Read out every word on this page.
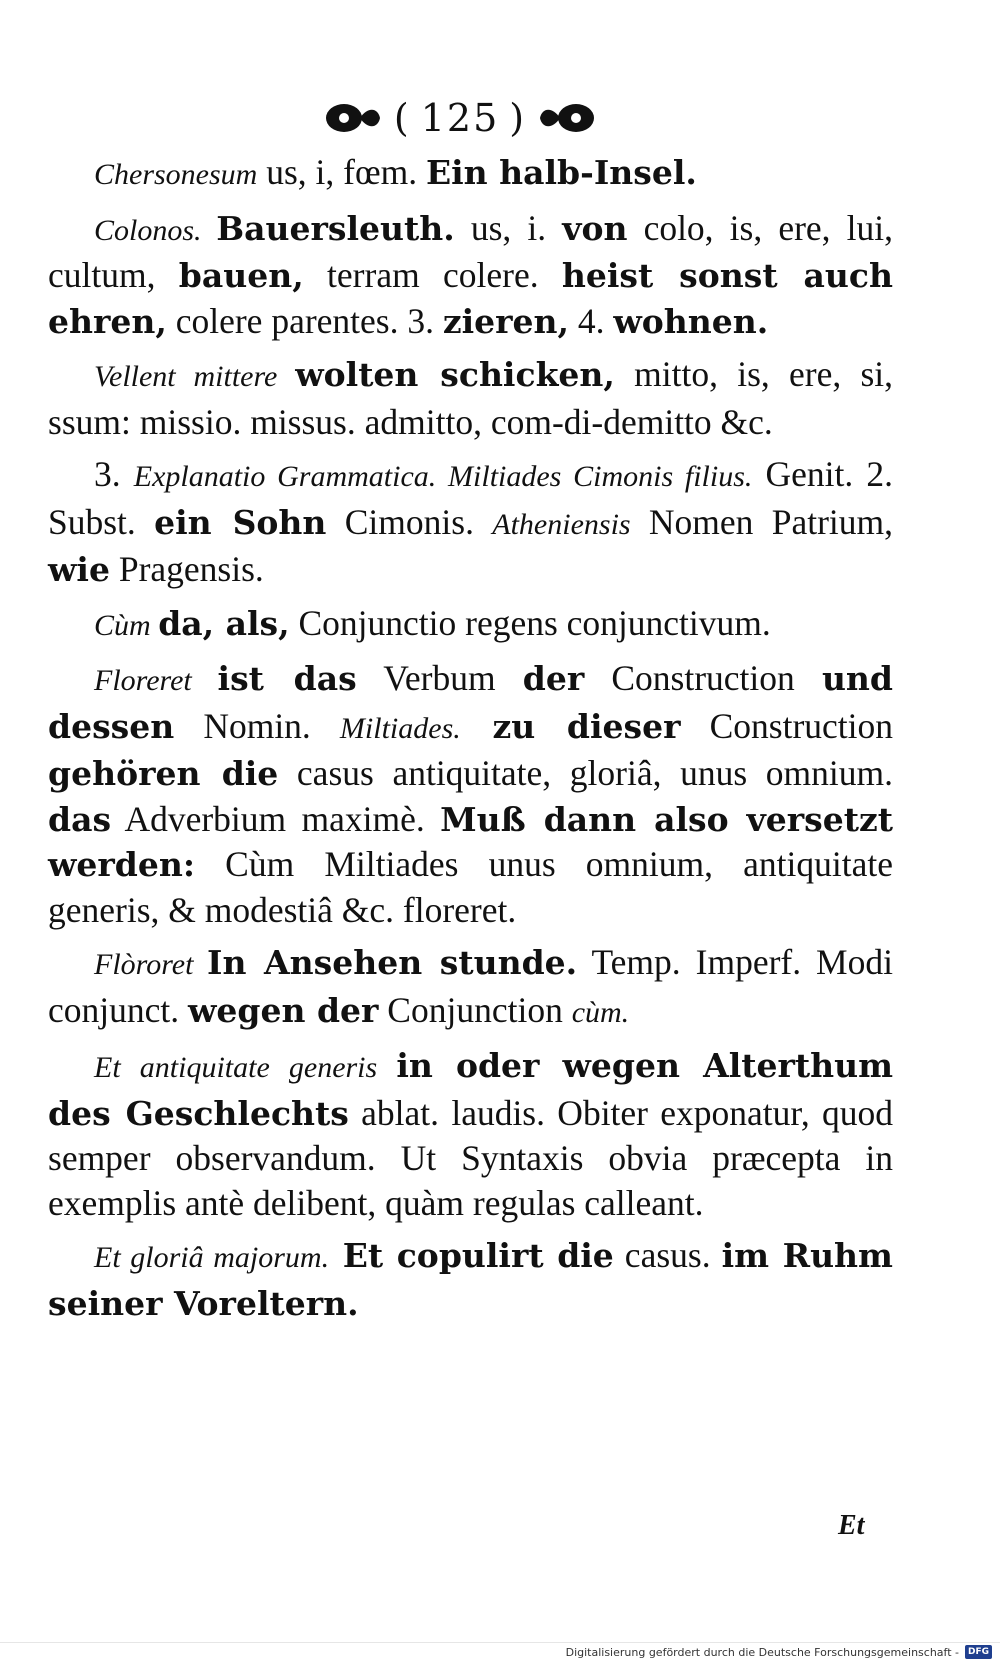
( 125 )

Chersonesum us, i, fœm. Ein halb-Insel.

Colonos. Bauersleuth. us, i. von colo, is, ere, lui, cultum, bauen, terram colere. heist sonst auch ehren, colere parentes. 3. zieren, 4. wohnen.

Vellent mittere wolten schicken, mitto, is, ere, si, ssum: missio. missus. admitto, com-di-demitto &c.

3. Explanatio Grammatica. Miltiades Cimonis filius. Genit. 2. Subst. ein Sohn Cimonis. Atheniensis Nomen Patrium, wie Pragensis.

Cùm da, als, Conjunctio regens conjunctivum.

Floreret ist das Verbum der Construction und dessen Nomin. Miltiades. zu dieser Construction gehören die casus antiquitate, gloriâ, unus omnium. das Adverbium maximè. Muß dann also versetzt werden: Cùm Miltiades unus omnium, antiquitate generis, & modestiâ &c. floreret.

Flòroret In Ansehen stunde. Temp. Imperf. Modi conjunct. wegen der Conjunction cùm.

Et antiquitate generis in oder wegen Alterthum des Geschlechts ablat. laudis. Obiter exponatur, quod semper observandum. Ut Syntaxis obvia præcepta in exemplis antè delibent, quàm regulas calleant.

Et gloriâ majorum. Et copulirt die casus. im Ruhm seiner Voreltern.

Et
Digitalisierung gefördert durch die Deutsche Forschungsgemeinschaft -	DFG
